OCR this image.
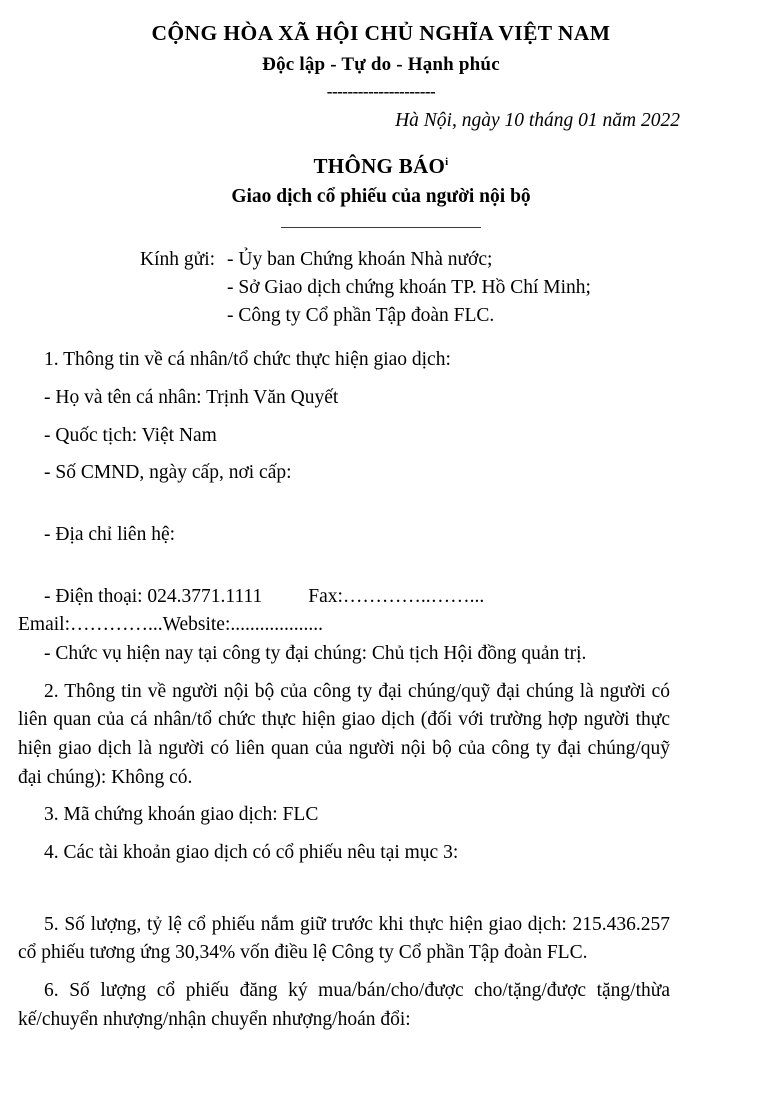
CỘNG HÒA XÃ HỘI CHỦ NGHĨA VIỆT NAM
Độc lập - Tự do - Hạnh phúc
---------------------
Hà Nội, ngày 10 tháng 01 năm 2022
THÔNG BÁO$^i$
Giao dịch cổ phiếu của người nội bộ
Kính gửi: - Ủy ban Chứng khoán Nhà nước;
- Sở Giao dịch chứng khoán TP. Hồ Chí Minh;
- Công ty Cổ phần Tập đoàn FLC.

1. Thông tin về cá nhân/tổ chức thực hiện giao dịch:

- Họ và tên cá nhân: Trịnh Văn Quyết

- Quốc tịch: Việt Nam

- Số CMND, ngày cấp, nơi cấp:

- Địa chỉ liên hệ:

- Điện thoại: 024.3771.1111 Fax:…………..……...Email:…………...Website:...................

- Chức vụ hiện nay tại công ty đại chúng: Chủ tịch Hội đồng quản trị.

2. Thông tin về người nội bộ của công ty đại chúng/quỹ đại chúng là người có liên quan của cá nhân/tổ chức thực hiện giao dịch (đối với trường hợp người thực hiện giao dịch là người có liên quan của người nội bộ của công ty đại chúng/quỹ đại chúng): Không có.

3. Mã chứng khoán giao dịch: FLC

4. Các tài khoản giao dịch có cổ phiếu nêu tại mục 3:

5. Số lượng, tỷ lệ cổ phiếu nắm giữ trước khi thực hiện giao dịch: 215.436.257 cổ phiếu tương ứng 30,34% vốn điều lệ Công ty Cổ phần Tập đoàn FLC.

6. Số lượng cổ phiếu đăng ký mua/bán/cho/được cho/tặng/được tặng/thừa kế/chuyển nhượng/nhận chuyển nhượng/hoán đổi:
